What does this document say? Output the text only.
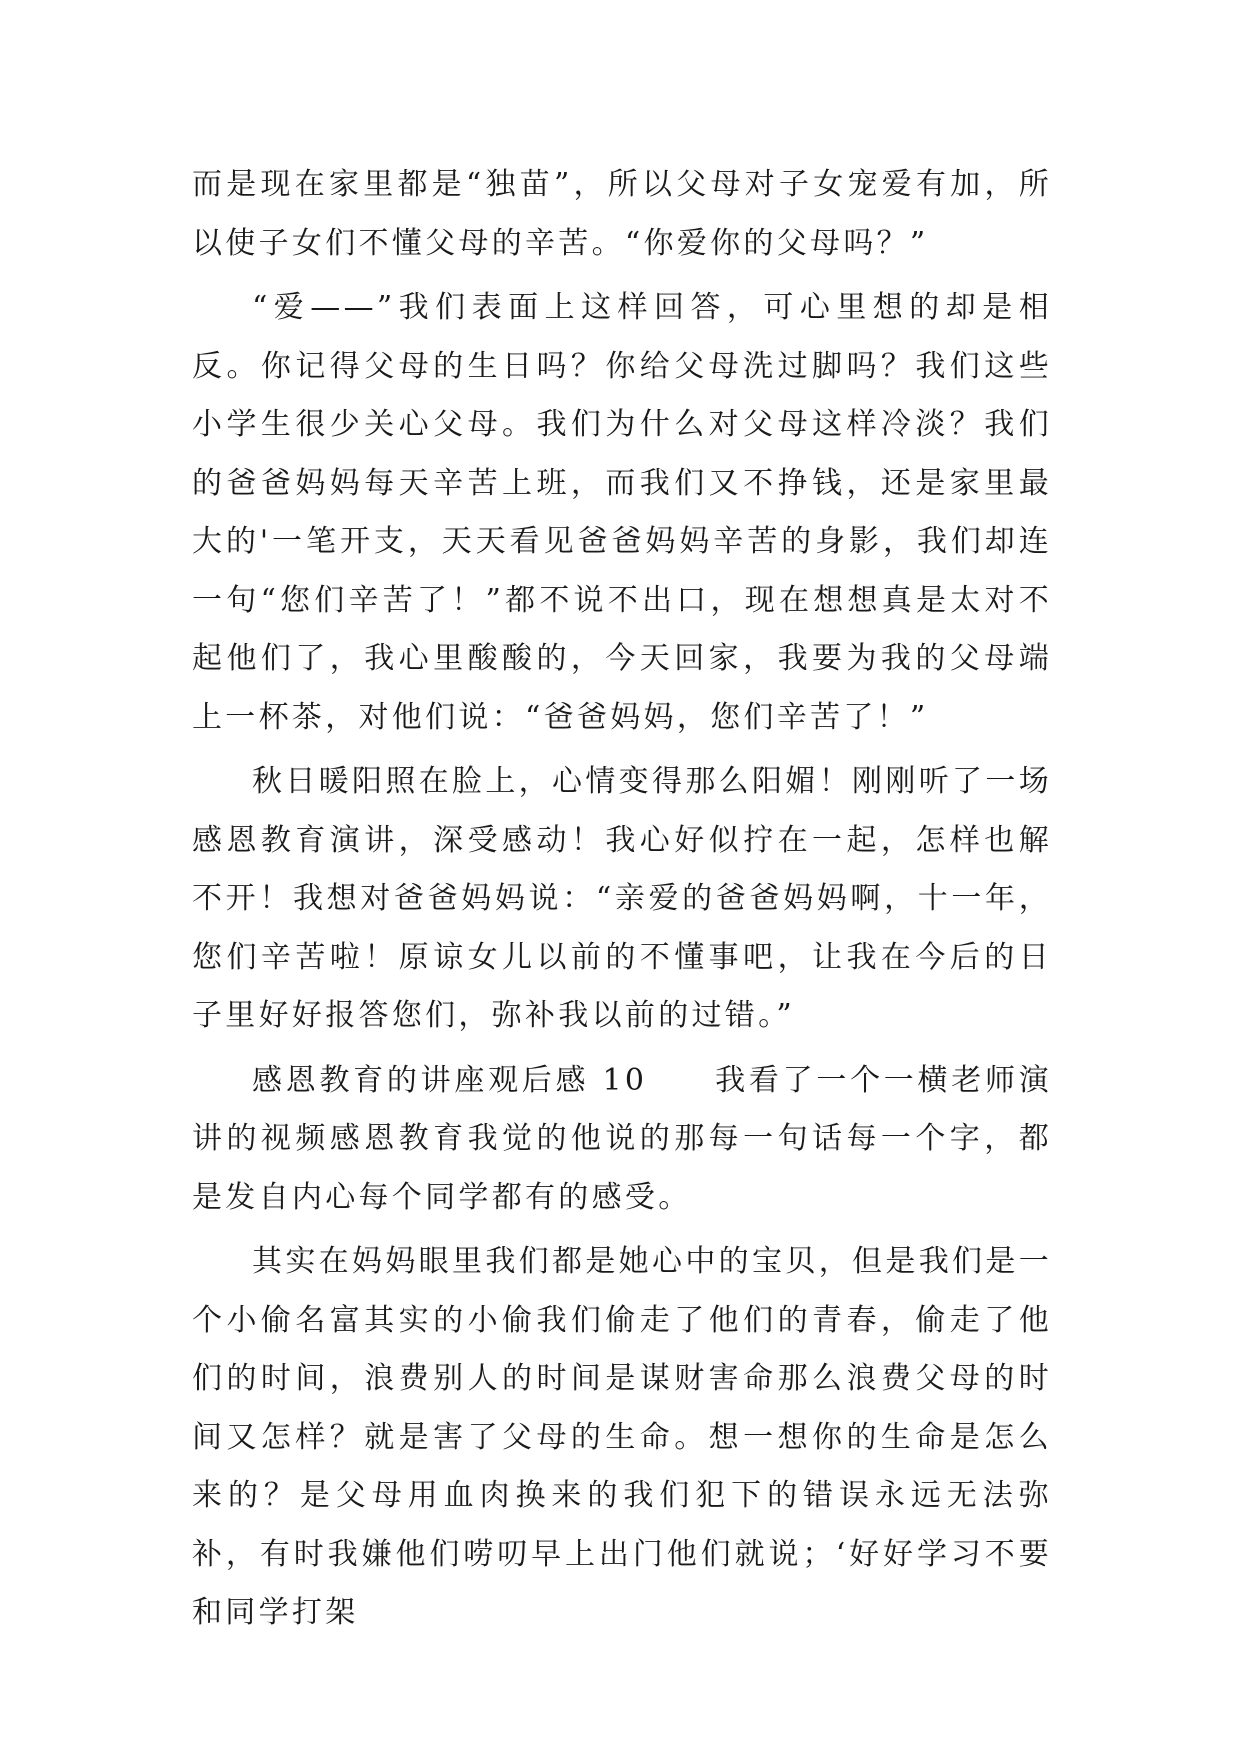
而是现在家里都是“独苗”，所以父母对子女宠爱有加，所以使子女们不懂父母的辛苦。“你爱你的父母吗？”

“爱——”我们表面上这样回答，可心里想的却是相反。你记得父母的生日吗？你给父母洗过脚吗？我们这些小学生很少关心父母。我们为什么对父母这样冷淡？我们的爸爸妈妈每天辛苦上班，而我们又不挣钱，还是家里最大的'一笔开支，天天看见爸爸妈妈辛苦的身影，我们却连一句“您们辛苦了！”都不说不出口，现在想想真是太对不起他们了，我心里酸酸的，今天回家，我要为我的父母端上一杯茶，对他们说：“爸爸妈妈，您们辛苦了！”

秋日暖阳照在脸上，心情变得那么阳媚！刚刚听了一场感恩教育演讲，深受感动！我心好似拧在一起，怎样也解不开！我想对爸爸妈妈说：“亲爱的爸爸妈妈啊，十一年，您们辛苦啦！原谅女儿以前的不懂事吧，让我在今后的日子里好好报答您们，弥补我以前的过错。”

感恩教育的讲座观后感 10　　我看了一个一横老师演讲的视频感恩教育我觉的他说的那每一句话每一个字，都是发自内心每个同学都有的感受。

其实在妈妈眼里我们都是她心中的宝贝，但是我们是一个小偷名富其实的小偷我们偷走了他们的青春，偷走了他们的时间，浪费别人的时间是谋财害命那么浪费父母的时间又怎样？就是害了父母的生命。想一想你的生命是怎么来的？是父母用血肉换来的我们犯下的错误永远无法弥补，有时我嫌他们唠叨早上出门他们就说；‘好好学习不要和同学打架
